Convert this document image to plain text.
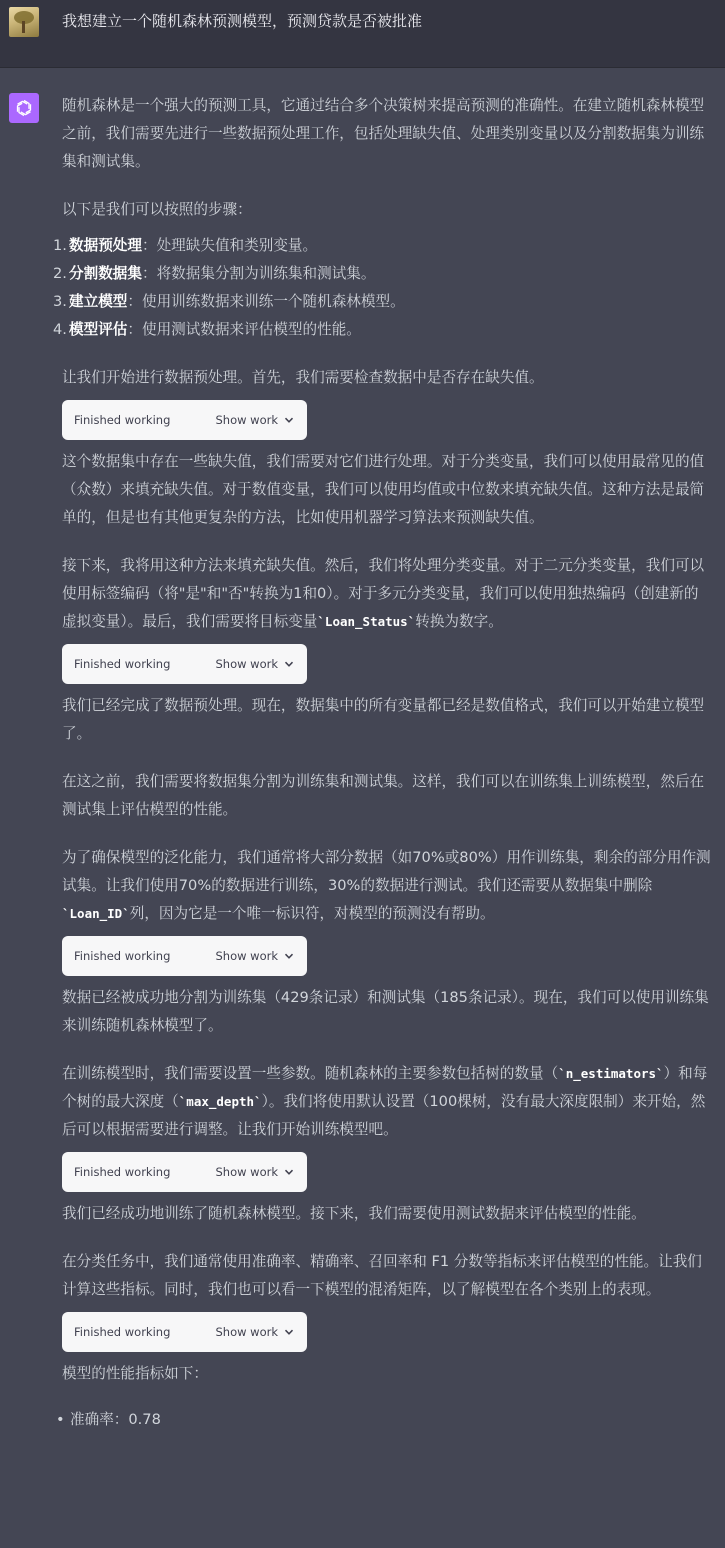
我想建立一个随机森林预测模型，预测贷款是否被批准

随机森林是一个强大的预测工具，它通过结合多个决策树来提高预测的准确性。在建立随机森林模型之前，我们需要先进行一些数据预处理工作，包括处理缺失值、处理类别变量以及分割数据集为训练集和测试集。

以下是我们可以按照的步骤：

1. 数据预处理：处理缺失值和类别变量。
2. 分割数据集：将数据集分割为训练集和测试集。
3. 建立模型：使用训练数据来训练一个随机森林模型。
4. 模型评估：使用测试数据来评估模型的性能。

让我们开始进行数据预处理。首先，我们需要检查数据中是否存在缺失值。

Finished working	Show work

这个数据集中存在一些缺失值，我们需要对它们进行处理。对于分类变量，我们可以使用最常见的值（众数）来填充缺失值。对于数值变量，我们可以使用均值或中位数来填充缺失值。这种方法是最简单的，但是也有其他更复杂的方法，比如使用机器学习算法来预测缺失值。

接下来，我将用这种方法来填充缺失值。然后，我们将处理分类变量。对于二元分类变量，我们可以使用标签编码（将"是"和"否"转换为1和0）。对于多元分类变量，我们可以使用独热编码（创建新的虚拟变量）。最后，我们需要将目标变量`Loan_Status`转换为数字。

Finished working	Show work

我们已经完成了数据预处理。现在，数据集中的所有变量都已经是数值格式，我们可以开始建立模型了。

在这之前，我们需要将数据集分割为训练集和测试集。这样，我们可以在训练集上训练模型，然后在测试集上评估模型的性能。

为了确保模型的泛化能力，我们通常将大部分数据（如70%或80%）用作训练集，剩余的部分用作测试集。让我们使用70%的数据进行训练，30%的数据进行测试。我们还需要从数据集中删除`Loan_ID`列，因为它是一个唯一标识符，对模型的预测没有帮助。

Finished working	Show work

数据已经被成功地分割为训练集（429条记录）和测试集（185条记录）。现在，我们可以使用训练集来训练随机森林模型了。

在训练模型时，我们需要设置一些参数。随机森林的主要参数包括树的数量（`n_estimators`）和每个树的最大深度（`max_depth`）。我们将使用默认设置（100棵树，没有最大深度限制）来开始，然后可以根据需要进行调整。让我们开始训练模型吧。

Finished working	Show work

我们已经成功地训练了随机森林模型。接下来，我们需要使用测试数据来评估模型的性能。

在分类任务中，我们通常使用准确率、精确率、召回率和 F1 分数等指标来评估模型的性能。让我们计算这些指标。同时，我们也可以看一下模型的混淆矩阵，以了解模型在各个类别上的表现。

Finished working	Show work

模型的性能指标如下：

• 准确率：0.78
